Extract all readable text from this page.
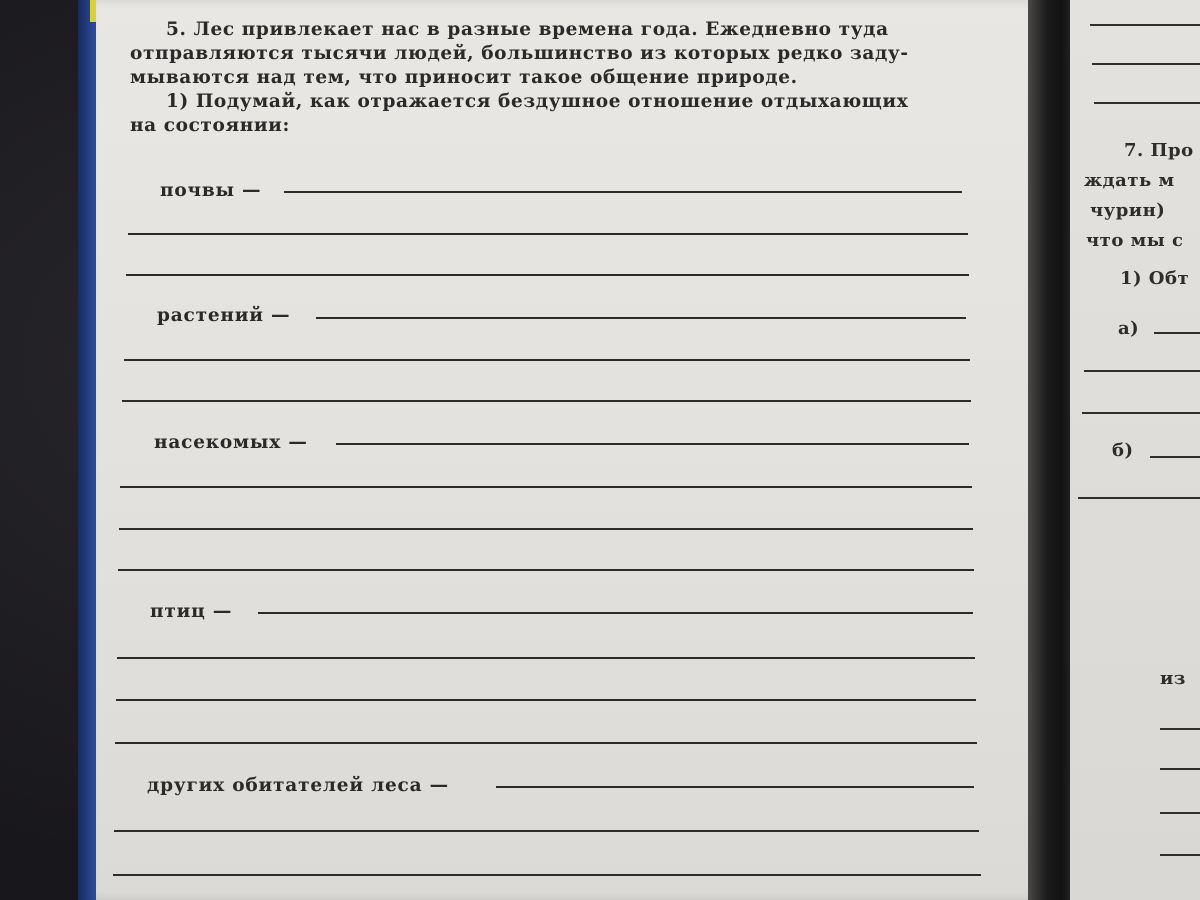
5. Лес привлекает нас в разные времена года. Ежедневно туда

отправляются тысячи людей, большинство из которых редко заду-

мываются над тем, что приносит такое общение природе.

1) Подумай, как отражается бездушное отношение отдыхающих

на состоянии:

почвы —
растений —
насекомых —
птиц —
других обитателей леса —
7. Про
ждать м
чурин)
что мы с
1) Обт
а)
б)
из
